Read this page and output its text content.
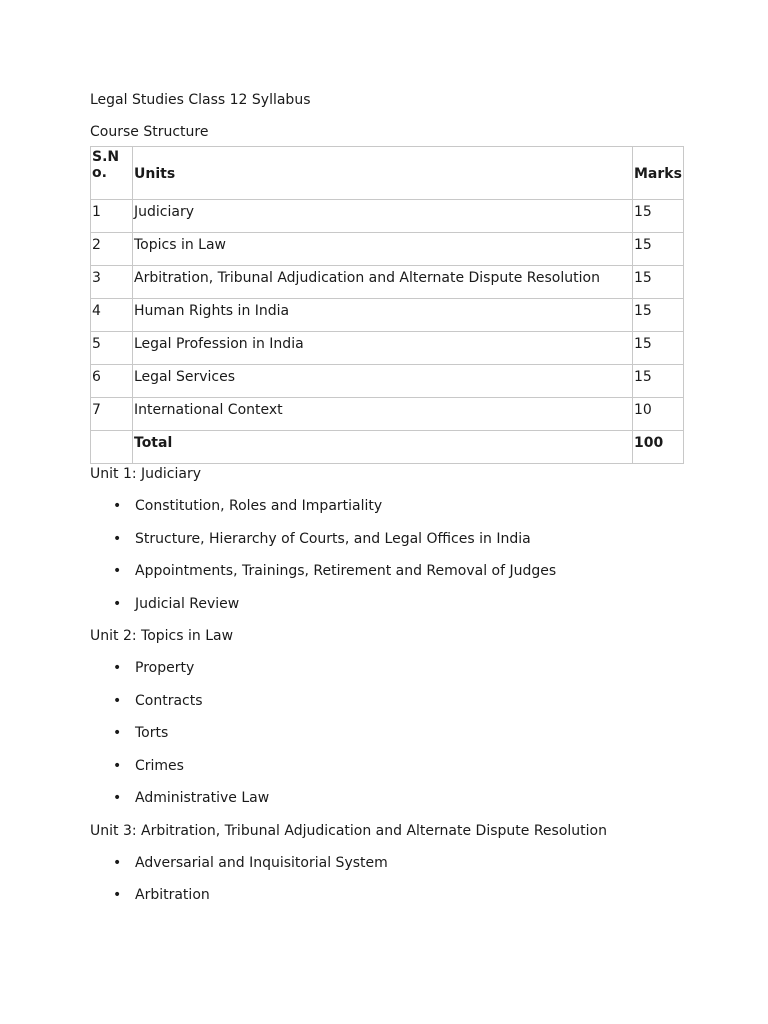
Legal Studies Class 12 Syllabus
Course Structure
S.No.	Units	Marks
1	Judiciary	15
2	Topics in Law	15
3	Arbitration, Tribunal Adjudication and Alternate Dispute Resolution	15
4	Human Rights in India	15
5	Legal Profession in India	15
6	Legal Services	15
7	International Context	10
	Total	100
Unit 1: Judiciary
• Constitution, Roles and Impartiality
• Structure, Hierarchy of Courts, and Legal Offices in India
• Appointments, Trainings, Retirement and Removal of Judges
• Judicial Review
Unit 2: Topics in Law
• Property
• Contracts
• Torts
• Crimes
• Administrative Law
Unit 3: Arbitration, Tribunal Adjudication and Alternate Dispute Resolution
• Adversarial and Inquisitorial System
• Arbitration
